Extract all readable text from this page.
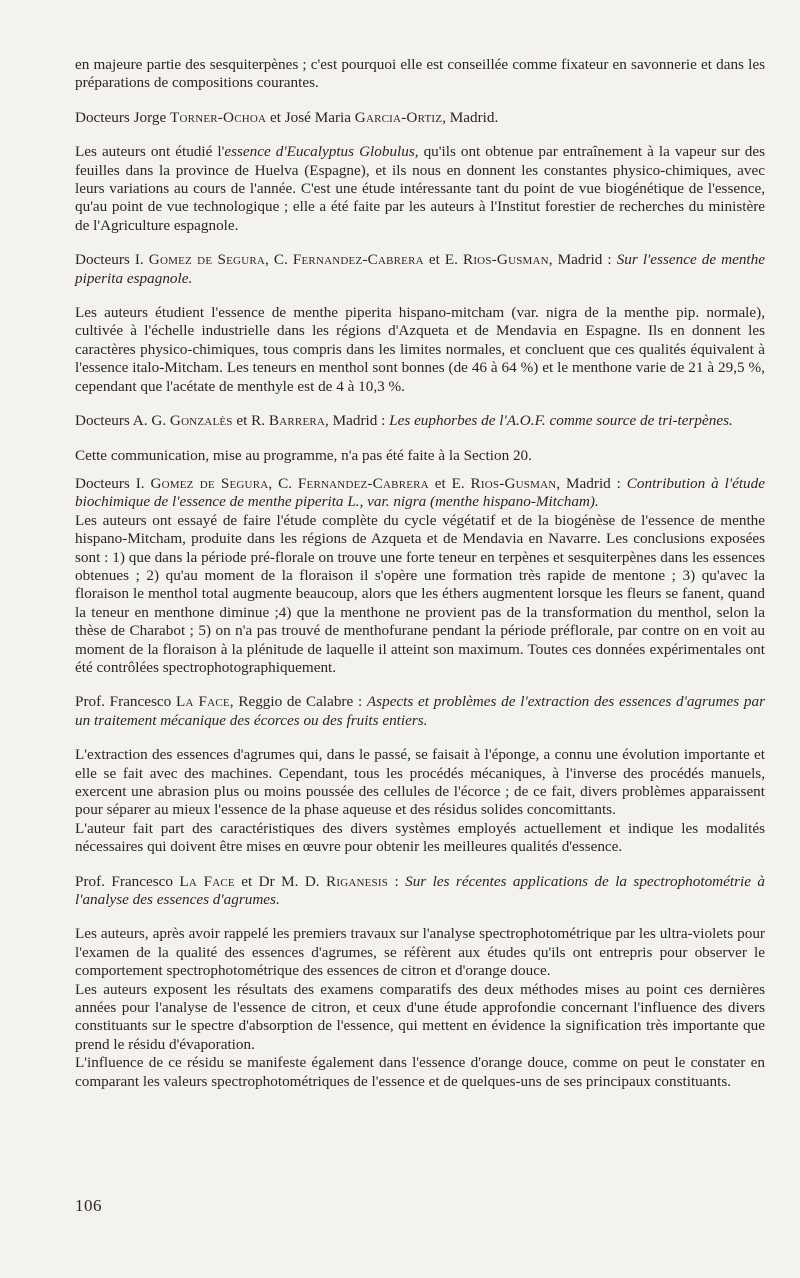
en majeure partie des sesquiterpènes ; c'est pourquoi elle est conseillée comme fixateur en savonnerie et dans les préparations de compositions courantes.

Docteurs Jorge Torner-Ochoa et José Maria Garcia-Ortiz, Madrid.

Les auteurs ont étudié l'essence d'Eucalyptus Globulus, qu'ils ont obtenue par entraînement à la vapeur sur des feuilles dans la province de Huelva (Espagne), et ils nous en donnent les constantes physico-chimiques, avec leurs variations au cours de l'année. C'est une étude intéressante tant du point de vue biogénétique de l'essence, qu'au point de vue technologique ; elle a été faite par les auteurs à l'Institut forestier de recherches du ministère de l'Agriculture espagnole.

Docteurs I. Gomez de Segura, C. Fernandez-Cabrera et E. Rios-Gusman, Madrid : Sur l'essence de menthe piperita espagnole.

Les auteurs étudient l'essence de menthe piperita hispano-mitcham (var. nigra de la menthe pip. normale), cultivée à l'échelle industrielle dans les régions d'Azqueta et de Mendavia en Espagne. Ils en donnent les caractères physico-chimiques, tous compris dans les limites normales, et concluent que ces qualités équivalent à l'essence italo-Mitcham. Les teneurs en menthol sont bonnes (de 46 à 64 %) et le menthone varie de 21 à 29,5 %, cependant que l'acétate de menthyle est de 4 à 10,3 %.

Docteurs A. G. Gonzalès et R. Barrera, Madrid : Les euphorbes de l'A.O.F. comme source de tri-terpènes.

Cette communication, mise au programme, n'a pas été faite à la Section 20.

Docteurs I. Gomez de Segura, C. Fernandez-Cabrera et E. Rios-Gusman, Madrid : Contribution à l'étude biochimique de l'essence de menthe piperita L., var. nigra (menthe hispano-Mitcham).

Les auteurs ont essayé de faire l'étude complète du cycle végétatif et de la biogénèse de l'essence de menthe hispano-Mitcham, produite dans les régions de Azqueta et de Mendavia en Navarre. Les conclusions exposées sont : 1) que dans la période pré-florale on trouve une forte teneur en terpènes et sesquiterpènes dans les essences obtenues ; 2) qu'au moment de la floraison il s'opère une formation très rapide de mentone ; 3) qu'avec la floraison le menthol total augmente beaucoup, alors que les éthers augmentent lorsque les fleurs se fanent, quand la teneur en menthone diminue ;4) que la menthone ne provient pas de la transformation du menthol, selon la thèse de Charabot ; 5) on n'a pas trouvé de menthofurane pendant la période préflorale, par contre on en voit au moment de la floraison à la plénitude de laquelle il atteint son maximum. Toutes ces données expérimentales ont été contrôlées spectrophotographiquement.

Prof. Francesco La Face, Reggio de Calabre : Aspects et problèmes de l'extraction des essences d'agrumes par un traitement mécanique des écorces ou des fruits entiers.

L'extraction des essences d'agrumes qui, dans le passé, se faisait à l'éponge, a connu une évolution importante et elle se fait avec des machines. Cependant, tous les procédés mécaniques, à l'inverse des procédés manuels, exercent une abrasion plus ou moins poussée des cellules de l'écorce ; de ce fait, divers problèmes apparaissent pour séparer au mieux l'essence de la phase aqueuse et des résidus solides concomittants.

L'auteur fait part des caractéristiques des divers systèmes employés actuellement et indique les modalités nécessaires qui doivent être mises en œuvre pour obtenir les meilleures qualités d'essence.

Prof. Francesco La Face et Dr M. D. Riganesis : Sur les récentes applications de la spectrophotométrie à l'analyse des essences d'agrumes.

Les auteurs, après avoir rappelé les premiers travaux sur l'analyse spectrophotométrique par les ultra-violets pour l'examen de la qualité des essences d'agrumes, se réfèrent aux études qu'ils ont entrepris pour observer le comportement spectrophotométrique des essences de citron et d'orange douce.

Les auteurs exposent les résultats des examens comparatifs des deux méthodes mises au point ces dernières années pour l'analyse de l'essence de citron, et ceux d'une étude approfondie concernant l'influence des divers constituants sur le spectre d'absorption de l'essence, qui mettent en évidence la signification très importante que prend le résidu d'évaporation.

L'influence de ce résidu se manifeste également dans l'essence d'orange douce, comme on peut le constater en comparant les valeurs spectrophotométriques de l'essence et de quelques-uns de ses principaux constituants.

106
